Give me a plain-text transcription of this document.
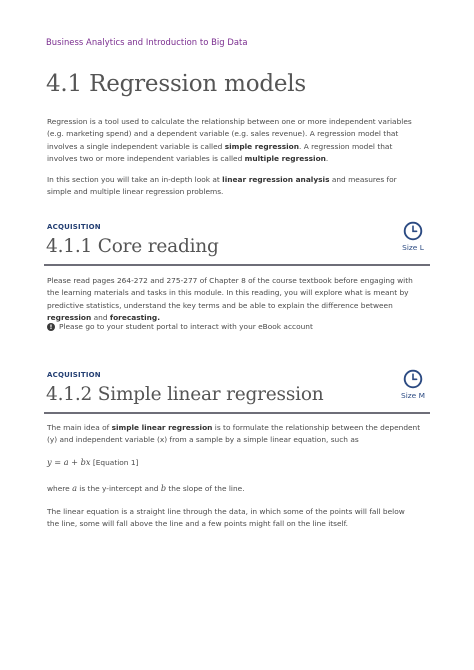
Business Analytics and Introduction to Big Data
4.1 Regression models

Regression is a tool used to calculate the relationship between one or more independent variables (e.g. marketing spend) and a dependent variable (e.g. sales revenue). A regression model that involves a single independent variable is called simple regression. A regression model that involves two or more independent variables is called multiple regression.

In this section you will take an in-depth look at linear regression analysis and measures for simple and multiple linear regression problems.

ACQUISITION
4.1.1 Core reading	Size L

Please read pages 264-272 and 275-277 of Chapter 8 of the course textbook before engaging with the learning materials and tasks in this module. In this reading, you will explore what is meant by predictive statistics, understand the key terms and be able to explain the difference between regression and forecasting.

! Please go to your student portal to interact with your eBook account
ACQUISITION
4.1.2 Simple linear regression	Size M

The main idea of simple linear regression is to formulate the relationship between the dependent (y) and independent variable (x) from a sample by a simple linear equation, such as

y = a + bx [Equation 1]

where a is the y-intercept and b the slope of the line.

The linear equation is a straight line through the data, in which some of the points will fall below the line, some will fall above the line and a few points might fall on the line itself.
